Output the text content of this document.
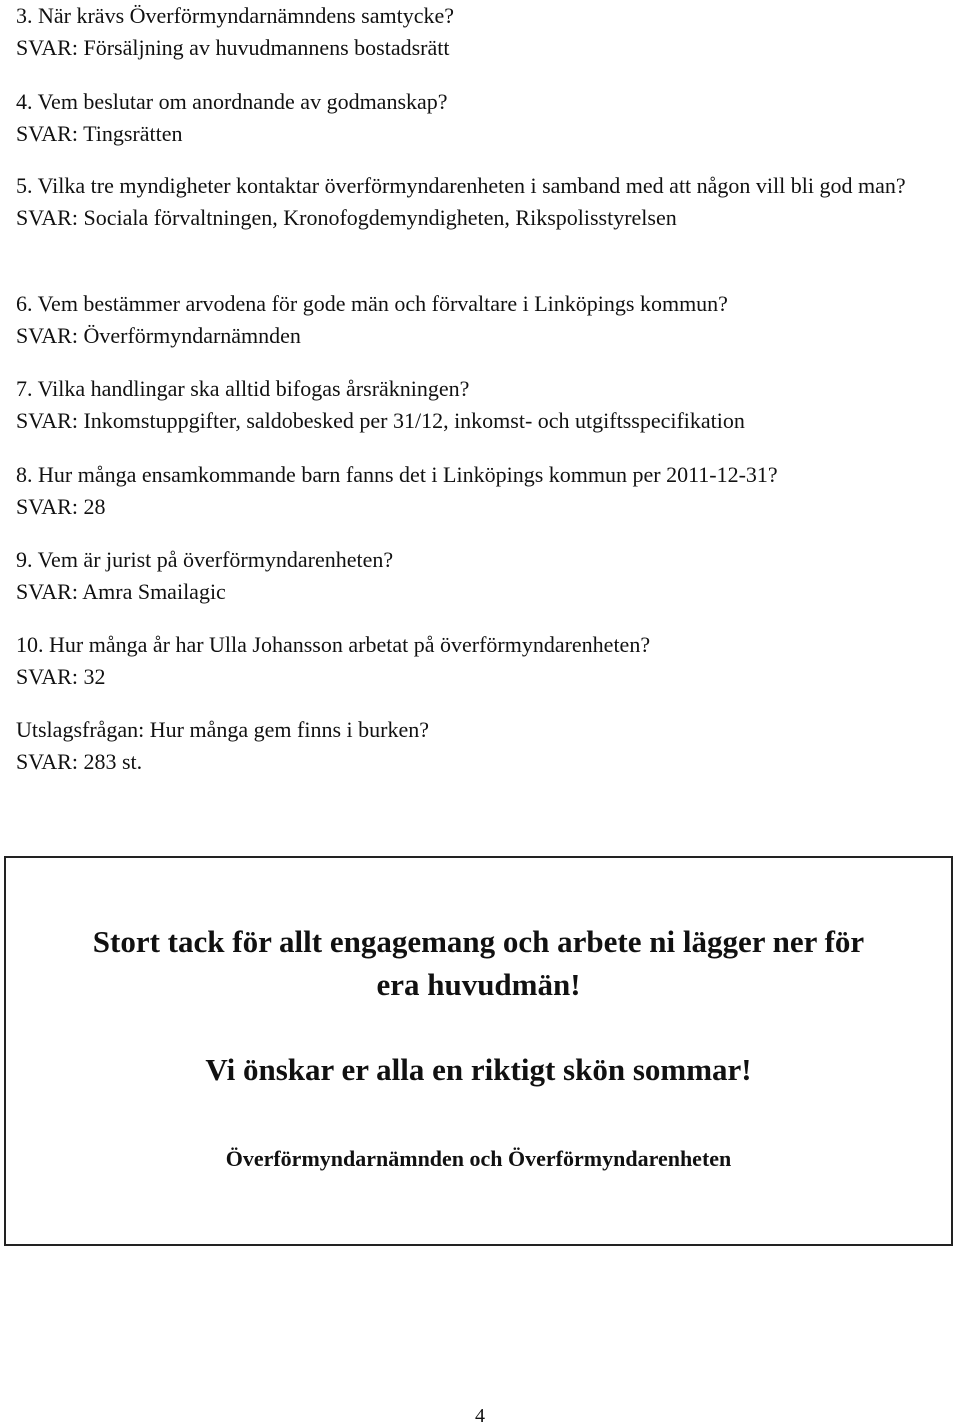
3. När krävs Överförmyndarnämndens samtycke?

SVAR: Försäljning av huvudmannens bostadsrätt

4. Vem beslutar om anordnande av godmanskap?

SVAR: Tingsrätten

5. Vilka tre myndigheter kontaktar överförmyndarenheten i samband med att någon vill bli god man?

SVAR: Sociala förvaltningen, Kronofogdemyndigheten, Rikspolisstyrelsen

6. Vem bestämmer arvodena för gode män och förvaltare i Linköpings kommun?

SVAR: Överförmyndarnämnden

7. Vilka handlingar ska alltid bifogas årsräkningen?

SVAR: Inkomstuppgifter, saldobesked per 31/12, inkomst- och utgiftsspecifikation

8. Hur många ensamkommande barn fanns det i Linköpings kommun per 2011-12-31?

SVAR: 28

9. Vem är jurist på överförmyndarenheten?

SVAR: Amra Smailagic

10. Hur många år har Ulla Johansson arbetat på överförmyndarenheten?

SVAR: 32

Utslagsfrågan: Hur många gem finns i burken?

SVAR: 283 st.

Stort tack för allt engagemang och arbete ni lägger ner för era huvudmän!

Vi önskar er alla en riktigt skön sommar!

Överförmyndarnämnden och Överförmyndarenheten

4
